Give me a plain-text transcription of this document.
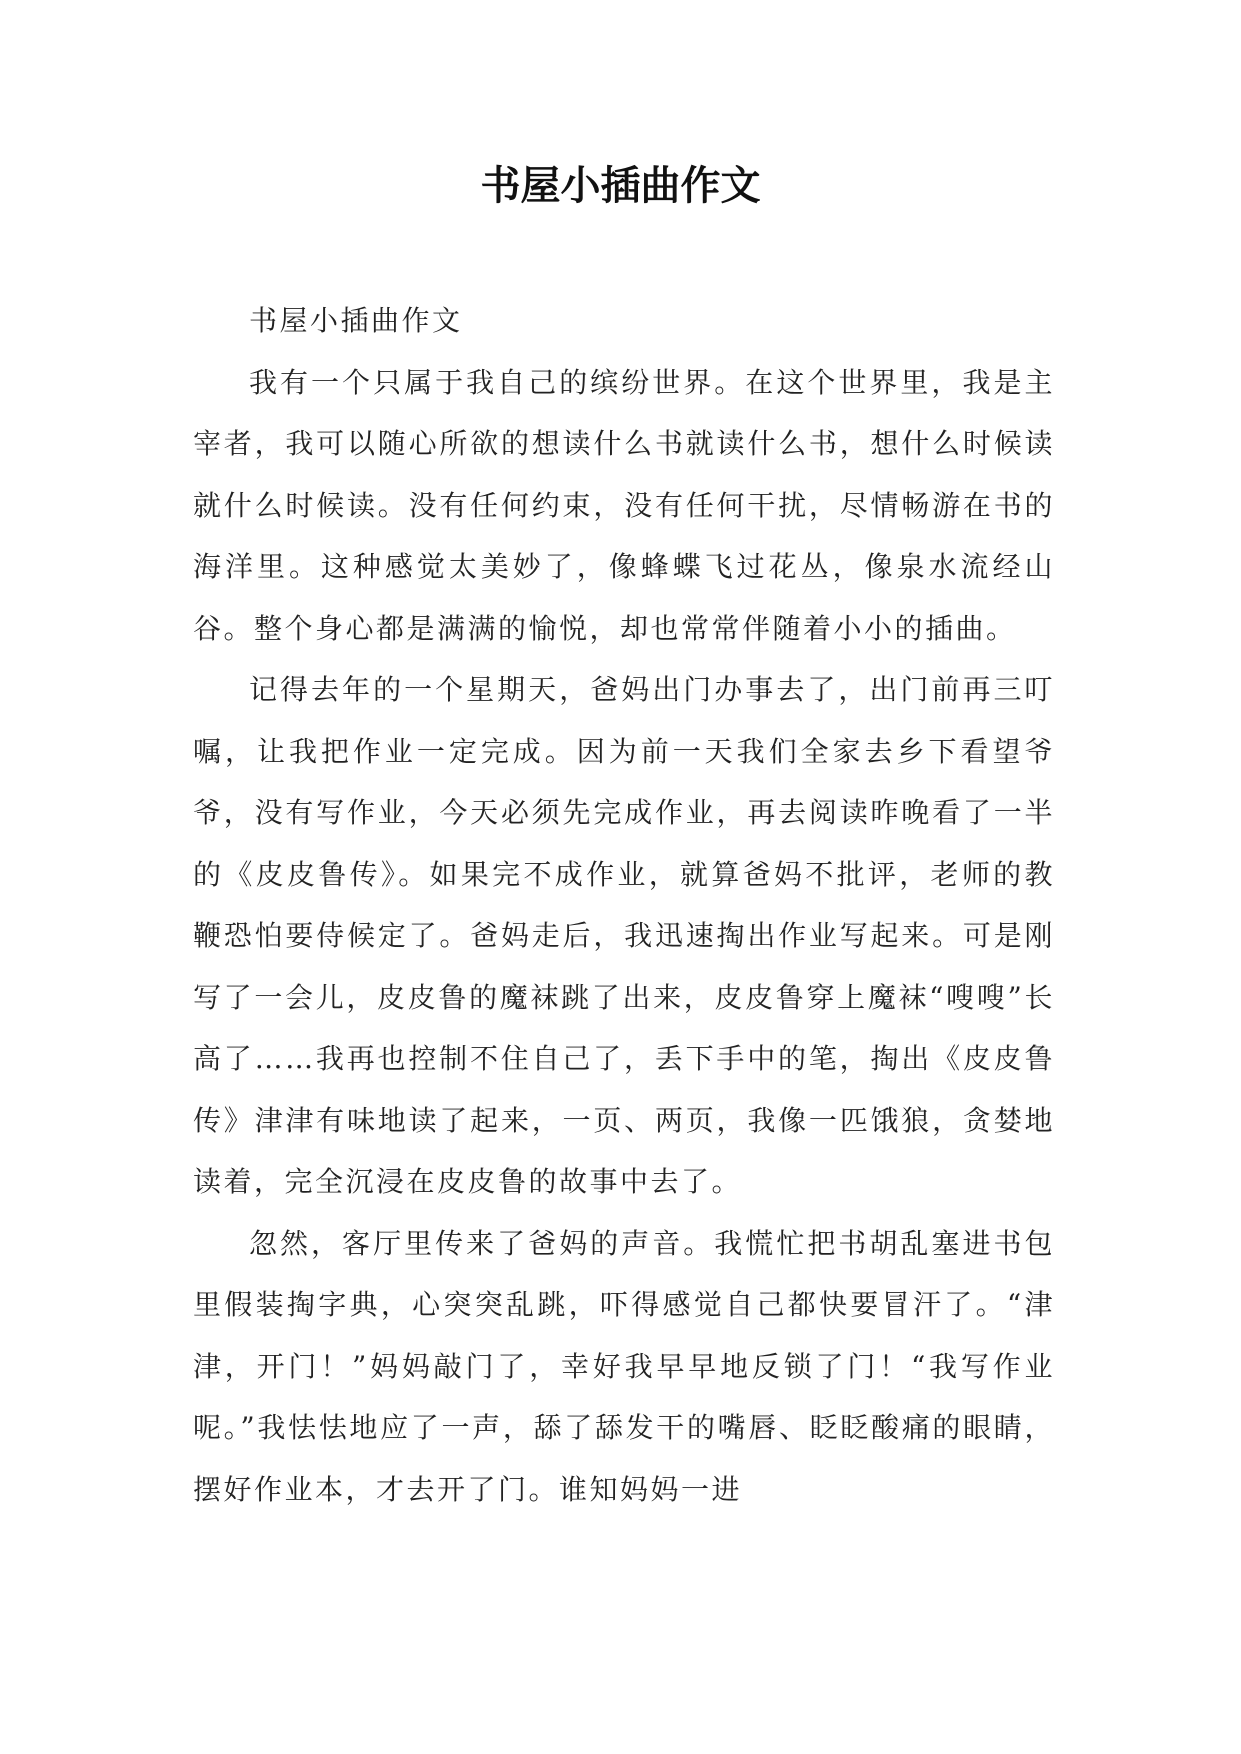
书屋小插曲作文

书屋小插曲作文

我有一个只属于我自己的缤纷世界。在这个世界里，我是主宰者，我可以随心所欲的想读什么书就读什么书，想什么时候读就什么时候读。没有任何约束，没有任何干扰，尽情畅游在书的海洋里。这种感觉太美妙了，像蜂蝶飞过花丛，像泉水流经山谷。整个身心都是满满的愉悦，却也常常伴随着小小的插曲。

记得去年的一个星期天，爸妈出门办事去了，出门前再三叮嘱，让我把作业一定完成。因为前一天我们全家去乡下看望爷爷，没有写作业，今天必须先完成作业，再去阅读昨晚看了一半的《皮皮鲁传》。如果完不成作业，就算爸妈不批评，老师的教鞭恐怕要侍候定了。爸妈走后，我迅速掏出作业写起来。可是刚写了一会儿，皮皮鲁的魔袜跳了出来，皮皮鲁穿上魔袜“嗖嗖”长高了……我再也控制不住自己了，丢下手中的笔，掏出《皮皮鲁传》津津有味地读了起来，一页、两页，我像一匹饿狼，贪婪地读着，完全沉浸在皮皮鲁的故事中去了。

忽然，客厅里传来了爸妈的声音。我慌忙把书胡乱塞进书包里假装掏字典，心突突乱跳，吓得感觉自己都快要冒汗了。“津津，开门！”妈妈敲门了，幸好我早早地反锁了门！“我写作业呢。”我怯怯地应了一声，舔了舔发干的嘴唇、眨眨酸痛的眼睛，摆好作业本，才去开了门。谁知妈妈一进
